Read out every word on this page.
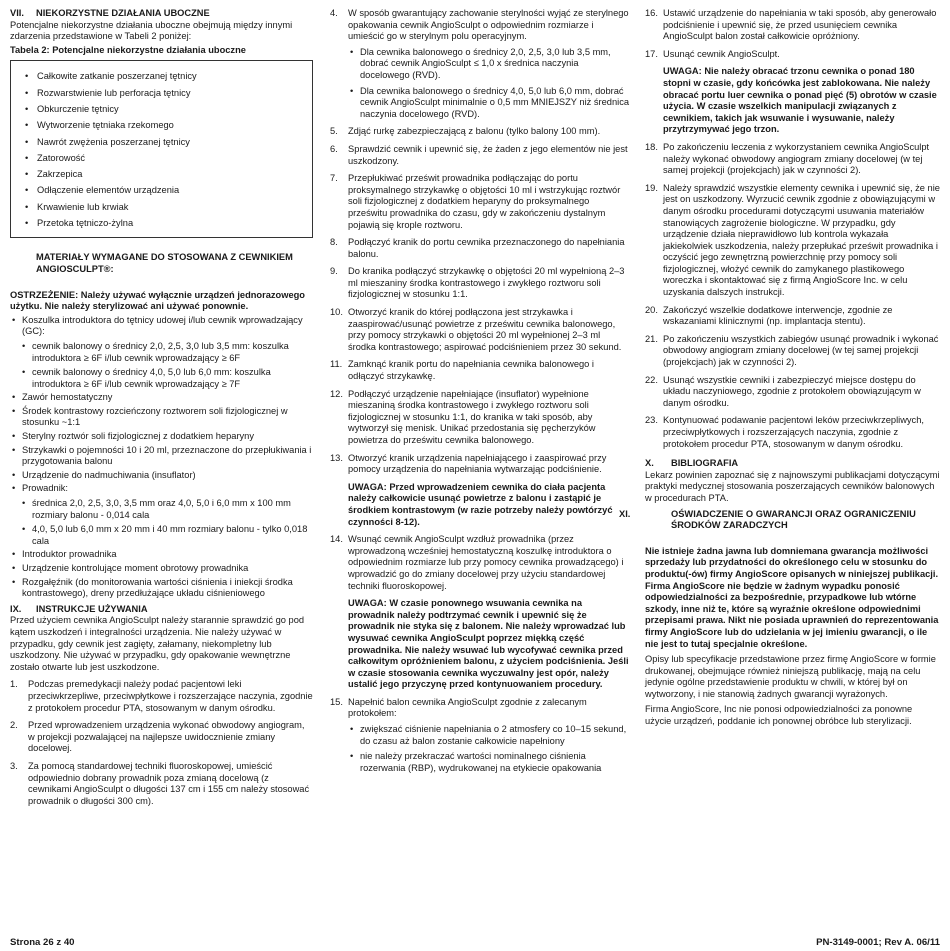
VII. NIEKORZYSTNE DZIAŁANIA UBOCZNE

Potencjalne niekorzystne działania uboczne obejmują między innymi zdarzenia przedstawione w Tabeli 2 poniżej:

Tabela 2: Potencjalne niekorzystne działania uboczne
• Całkowite zatkanie poszerzanej tętnicy
• Rozwarstwienie lub perforacja tętnicy
• Obkurczenie tętnicy
• Wytworzenie tętniaka rzekomego
• Nawrót zwężenia poszerzanej tętnicy
• Zatorowość
• Zakrzepica
• Odłączenie elementów urządzenia
• Krwawienie lub krwiak
• Przetoka tętniczo-żylna
MATERIAŁY WYMAGANE DO STOSOWANA Z CEWNIKIEM ANGIOSCULPT®:

OSTRZEŻENIE: Należy używać wyłącznie urządzeń jednorazowego użytku. Nie należy sterylizować ani używać ponownie.

• Koszulka introduktora do tętnicy udowej i/lub cewnik wprowadzający (GC):
• cewnik balonowy o średnicy 2,0, 2,5, 3,0 lub 3,5 mm: koszulka introduktora ≥ 6F i/lub cewnik wprowadzający ≥ 6F
• cewnik balonowy o średnicy 4,0, 5,0 lub 6,0 mm: koszulka introduktora ≥ 6F i/lub cewnik wprowadzający ≥ 7F
• Zawór hemostatyczny
• Środek kontrastowy rozcieńczony roztworem soli fizjologicznej w stosunku ~1:1
• Sterylny roztwór soli fizjologicznej z dodatkiem heparyny
• Strzykawki o pojemności 10 i 20 ml, przeznaczone do przepłukiwania i przygotowania balonu
• Urządzenie do nadmuchiwania (insuflator)
• Prowadnik:
• średnica 2,0, 2,5, 3,0, 3,5 mm oraz 4,0, 5,0 i 6,0 mm x 100 mm rozmiary balonu - 0,014 cala
• 4,0, 5,0 lub 6,0 mm x 20 mm i 40 mm rozmiary balonu - tylko 0,018 cala
• Introduktor prowadnika
• Urządzenie kontrolujące moment obrotowy prowadnika
• Rozgałęźnik (do monitorowania wartości ciśnienia i iniekcji środka kontrastowego), dreny przedłużające układu ciśnieniowego
IX. INSTRUKCJE UŻYWANIA

Przed użyciem cewnika AngioSculpt należy starannie sprawdzić go pod kątem uszkodzeń i integralności urządzenia. Nie należy używać w przypadku, gdy cewnik jest zagięty, załamany, niekompletny lub uszkodzony. Nie używać w przypadku, gdy opakowanie wewnętrzne zostało otwarte lub jest uszkodzone.

1. Podczas premedykacji należy podać pacjentowi leki przeciwkrzepliwe, przeciwpłytkowe i rozszerzające naczynia, zgodnie z protokołem procedur PTA, stosowanym w danym ośrodku.
2. Przed wprowadzeniem urządzenia wykonać obwodowy angiogram, w projekcji pozwalającej na najlepsze uwidocznienie zmiany docelowej.
3. Za pomocą standardowej techniki fluoroskopowej, umieścić odpowiednio dobrany prowadnik poza zmianą docelową (z cewnikami AngioSculpt o długości 137 cm i 155 cm należy stosować prowadnik o długości 300 cm).
4. W sposób gwarantujący zachowanie sterylności wyjąć ze sterylnego opakowania cewnik AngioSculpt o odpowiednim rozmiarze i umieścić go w sterylnym polu operacyjnym.
• Dla cewnika balonowego o średnicy 2,0, 2,5, 3,0 lub 3,5 mm, dobrać cewnik AngioSculpt ≤ 1,0 x średnica naczynia docelowego (RVD).
• Dla cewnika balonowego o średnicy 4,0, 5,0 lub 6,0 mm, dobrać cewnik AngioSculpt minimalnie o 0,5 mm MNIEJSZY niż średnica naczynia docelowego (RVD).
5. Zdjąć rurkę zabezpieczającą z balonu (tylko balony 100 mm).
6. Sprawdzić cewnik i upewnić się, że żaden z jego elementów nie jest uszkodzony.
7. Przepłukiwać prześwit prowadnika podłączając do portu proksymalnego strzykawkę o objętości 10 ml i wstrzykując roztwór soli fizjologicznej z dodatkiem heparyny do proksymalnego prześwitu prowadnika do czasu, gdy w zakończeniu dystalnym pojawią się krople roztworu.
8. Podłączyć kranik do portu cewnika przeznaczonego do napełniania balonu.
9. Do kranika podłączyć strzykawkę o objętości 20 ml wypełnioną 2–3 ml mieszaniny środka kontrastowego i zwykłego roztworu soli fizjologicznej w stosunku 1:1.
10. Otworzyć kranik do której podłączona jest strzykawka i zaaspirować/usunąć powietrze z prześwitu cewnika balonowego, przy pomocy strzykawki o objętości 20 ml wypełnionej 2–3 ml środka kontrastowego; aspirować podciśnieniem przez 30 sekund.
11. Zamknąć kranik portu do napełniania cewnika balonowego i odłączyć strzykawkę.
12. Podłączyć urządzenie napełniające (insuflator) wypełnione mieszaniną środka kontrastowego i zwykłego roztworu soli fizjologicznej w stosunku 1:1, do kranika w taki sposób, aby wytworzył się menisk. Unikać przedostania się pęcherzyków powietrza do prześwitu cewnika balonowego.
13. Otworzyć kranik urządzenia napełniającego i zaaspirować przy pomocy urządzenia do napełniania wytwarzając podciśnienie.
UWAGA: Przed wprowadzeniem cewnika do ciała pacjenta należy całkowicie usunąć powietrze z balonu i zastąpić je środkiem kontrastowym (w razie potrzeby należy powtórzyć czynności 8-12).
14. Wsunąć cewnik AngioSculpt wzdłuż prowadnika (przez wprowadzoną wcześniej hemostatyczną koszulkę introduktora o odpowiednim rozmiarze lub przy pomocy cewnika prowadzącego) i wprowadzić go do zmiany docelowej przy użyciu standardowej techniki fluoroskopowej.
UWAGA: W czasie ponownego wsuwania cewnika na prowadnik należy podtrzymać cewnik i upewnić się że prowadnik nie styka się z balonem. Nie należy wprowadzać lub wysuwać cewnika AngioSculpt poprzez miękką część prowadnika. Nie należy wsuwać lub wycofywać cewnika przed całkowitym opróżnieniem balonu, z użyciem podciśnienia. Jeśli w czasie stosowania cewnika wyczuwalny jest opór, należy ustalić jego przyczynę przed kontynuowaniem procedury.
15. Napełnić balon cewnika AngioSculpt zgodnie z zalecanym protokołem:
• zwiększać ciśnienie napełniania o 2 atmosfery co 10–15 sekund, do czasu aż balon zostanie całkowicie napełniony
• nie należy przekraczać wartości nominalnego ciśnienia rozerwania (RBP), wydrukowanej na etykiecie opakowania
16. Ustawić urządzenie do napełniania w taki sposób, aby generowało podciśnienie i upewnić się, że przed usunięciem cewnika AngioSculpt balon został całkowicie opróżniony.
17. Usunąć cewnik AngioSculpt.
UWAGA: Nie należy obracać trzonu cewnika o ponad 180 stopni w czasie, gdy końcówka jest zablokowana. Nie należy obracać portu luer cewnika o ponad pięć (5) obrotów w czasie użycia. W czasie wszelkich manipulacji związanych z cewnikiem, takich jak wsuwanie i wysuwanie, należy przytrzymywać jego trzon.
18. Po zakończeniu leczenia z wykorzystaniem cewnika AngioSculpt należy wykonać obwodowy angiogram zmiany docelowej (w tej samej projekcji (projekcjach) jak w czynności 2).
19. Należy sprawdzić wszystkie elementy cewnika i upewnić się, że nie jest on uszkodzony. Wyrzucić cewnik zgodnie z obowiązującymi w danym ośrodku procedurami dotyczącymi usuwania materiałów stanowiących zagrożenie biologiczne. W przypadku, gdy urządzenie działa nieprawidłowo lub kontrola wykazała jakiekolwiek uszkodzenia, należy przepłukać prześwit prowadnika i oczyścić jego zewnętrzną powierzchnię przy pomocy soli fizjologicznej, włożyć cewnik do zamykanego plastikowego woreczka i skontaktować się z firmą AngioScore Inc. w celu uzyskania dalszych instrukcji.
20. Zakończyć wszelkie dodatkowe interwencje, zgodnie ze wskazaniami klinicznymi (np. implantacja stentu).
21. Po zakończeniu wszystkich zabiegów usunąć prowadnik i wykonać obwodowy angiogram zmiany docelowej (w tej samej projekcji (projekcjach) jak w czynności 2).
22. Usunąć wszystkie cewniki i zabezpieczyć miejsce dostępu do układu naczyniowego, zgodnie z protokołem obowiązującym w danym ośrodku.
23. Kontynuować podawanie pacjentowi leków przeciwkrzepliwych, przeciwpłytkowych i rozszerzających naczynia, zgodnie z protokołem procedur PTA, stosowanym w danym ośrodku.
X. BIBLIOGRAFIA

Lekarz powinien zapoznać się z najnowszymi publikacjami dotyczącymi praktyki medycznej stosowania poszerzających cewników balonowych w procedurach PTA.

XI.	OŚWIADCZENIE O GWARANCJI ORAZ OGRANICZENIU ŚRODKÓW ZARADCZYCH

Nie istnieje żadna jawna lub domniemana gwarancja możliwości sprzedaży lub przydatności do określonego celu w stosunku do produktu(-ów) firmy AngioScore opisanych w niniejszej publikacji. Firma AngioScore nie będzie w żadnym wypadku ponosić odpowiedzialności za bezpośrednie, przypadkowe lub wtórne szkody, inne niż te, które są wyraźnie określone odpowiednimi przepisami prawa. Nikt nie posiada uprawnień do reprezentowania firmy AngioScore lub do udzielania w jej imieniu gwarancji, o ile nie jest to tutaj specjalnie określone.

Opisy lub specyfikacje przedstawione przez firmę AngioScore w formie drukowanej, obejmujące również niniejszą publikację, mają na celu jedynie ogólne przedstawienie produktu w chwili, w której był on wytworzony, i nie stanowią żadnych gwarancji wyrażonych.

Firma AngioScore, Inc nie ponosi odpowiedzialności za ponowne użycie urządzeń, poddanie ich ponownej obróbce lub sterylizacji.

Strona 26 z 40	PN-3149-0001; Rev A. 06/11
